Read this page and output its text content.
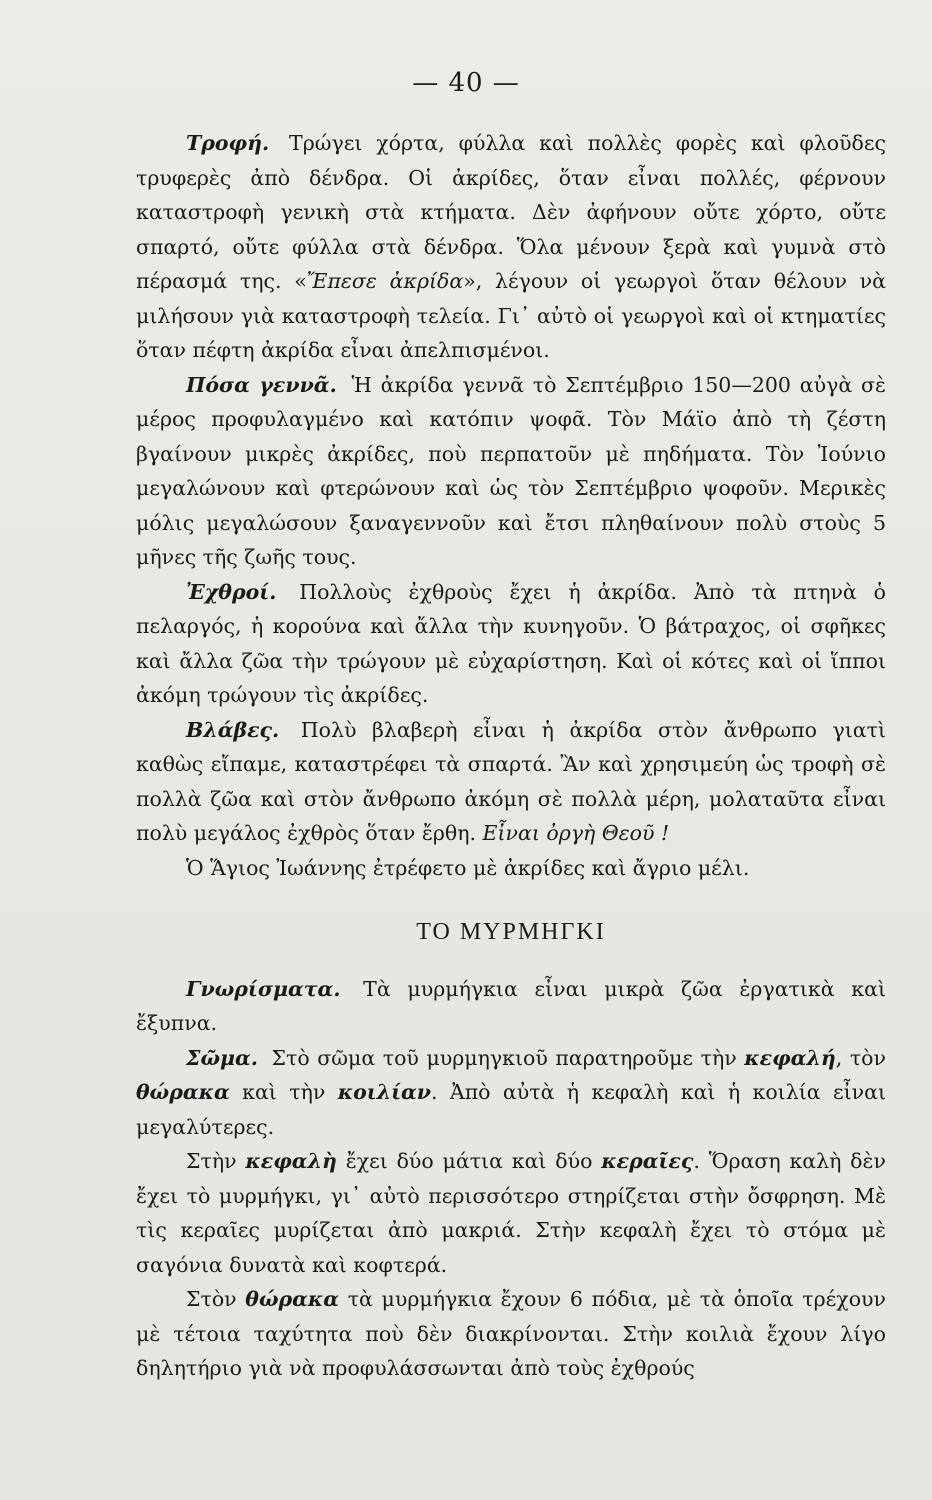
— 40 —

Τροφή. Τρώγει χόρτα, φύλλα καὶ πολλὲς φορὲς καὶ φλοῦδες τρυφερὲς ἀπὸ δένδρα. Οἱ ἀκρίδες, ὅταν εἶναι πολλές, φέρνουν καταστροφὴ γενικὴ στὰ κτήματα. Δὲν ἀφήνουν οὔτε χόρτο, οὔτε σπαρτό, οὔτε φύλλα στὰ δένδρα. Ὅλα μένουν ξερὰ καὶ γυμνὰ στὸ πέρασμά της. «Ἔπεσε ἀκρίδα», λέγουν οἱ γεωργοὶ ὅταν θέλουν νὰ μιλήσουν γιὰ καταστροφὴ τελεία. Γι᾿ αὐτὸ οἱ γεωργοὶ καὶ οἱ κτηματίες ὅταν πέφτη ἀκρίδα εἶναι ἀπελπισμένοι.

Πόσα γεννᾶ. Ἡ ἀκρίδα γεννᾶ τὸ Σεπτέμβριο 150—200 αὐγὰ σὲ μέρος προφυλαγμένο καὶ κατόπιν ψοφᾶ. Τὸν Μάϊο ἀπὸ τὴ ζέστη βγαίνουν μικρὲς ἀκρίδες, ποὺ περπατοῦν μὲ πηδήματα. Τὸν Ἰούνιο μεγαλώνουν καὶ φτερώνουν καὶ ὡς τὸν Σεπτέμβριο ψοφοῦν. Μερικὲς μόλις μεγαλώσουν ξαναγεννοῦν καὶ ἔτσι πληθαίνουν πολὺ στοὺς 5 μῆνες τῆς ζωῆς τους.

Ἐχθροί. Πολλοὺς ἐχθροὺς ἔχει ἡ ἀκρίδα. Ἀπὸ τὰ πτηνὰ ὁ πελαργός, ἡ κορούνα καὶ ἄλλα τὴν κυνηγοῦν. Ὁ βάτραχος, οἱ σφῆκες καὶ ἄλλα ζῶα τὴν τρώγουν μὲ εὐχαρίστηση. Καὶ οἱ κότες καὶ οἱ ἵπποι ἀκόμη τρώγουν τὶς ἀκρίδες.

Βλάβες. Πολὺ βλαβερὴ εἶναι ἡ ἀκρίδα στὸν ἄνθρωπο γιατὶ καθὼς εἴπαμε, καταστρέφει τὰ σπαρτά. Ἂν καὶ χρησιμεύη ὡς τροφὴ σὲ πολλὰ ζῶα καὶ στὸν ἄνθρωπο ἀκόμη σὲ πολλὰ μέρη, μολαταῦτα εἶναι πολὺ μεγάλος ἐχθρὸς ὅταν ἔρθη. Εἶναι ὀργὴ Θεοῦ !

Ὁ Ἅγιος Ἰωάννης ἐτρέφετο μὲ ἀκρίδες καὶ ἄγριο μέλι.

ΤΟ ΜΥΡΜΗΓΚΙ

Γνωρίσματα. Τὰ μυρμήγκια εἶναι μικρὰ ζῶα ἐργατικὰ καὶ ἔξυπνα.

Σῶμα. Στὸ σῶμα τοῦ μυρμηγκιοῦ παρατηροῦμε τὴν κεφαλή, τὸν θώρακα καὶ τὴν κοιλίαν. Ἀπὸ αὐτὰ ἡ κεφαλὴ καὶ ἡ κοιλία εἶναι μεγαλύτερες.

Στὴν κεφαλὴ ἔχει δύο μάτια καὶ δύο κεραῖες. Ὅραση καλὴ δὲν ἔχει τὸ μυρμήγκι, γι᾿ αὐτὸ περισσότερο στηρίζεται στὴν ὄσφρηση. Μὲ τὶς κεραῖες μυρίζεται ἀπὸ μακριά. Στὴν κεφαλὴ ἔχει τὸ στόμα μὲ σαγόνια δυνατὰ καὶ κοφτερά.

Στὸν θώρακα τὰ μυρμήγκια ἔχουν 6 πόδια, μὲ τὰ ὁποῖα τρέχουν μὲ τέτοια ταχύτητα ποὺ δὲν διακρίνονται. Στὴν κοιλιὰ ἔχουν λίγο δηλητήριο γιὰ νὰ προφυλάσσωνται ἀπὸ τοὺς ἐχθρούς
